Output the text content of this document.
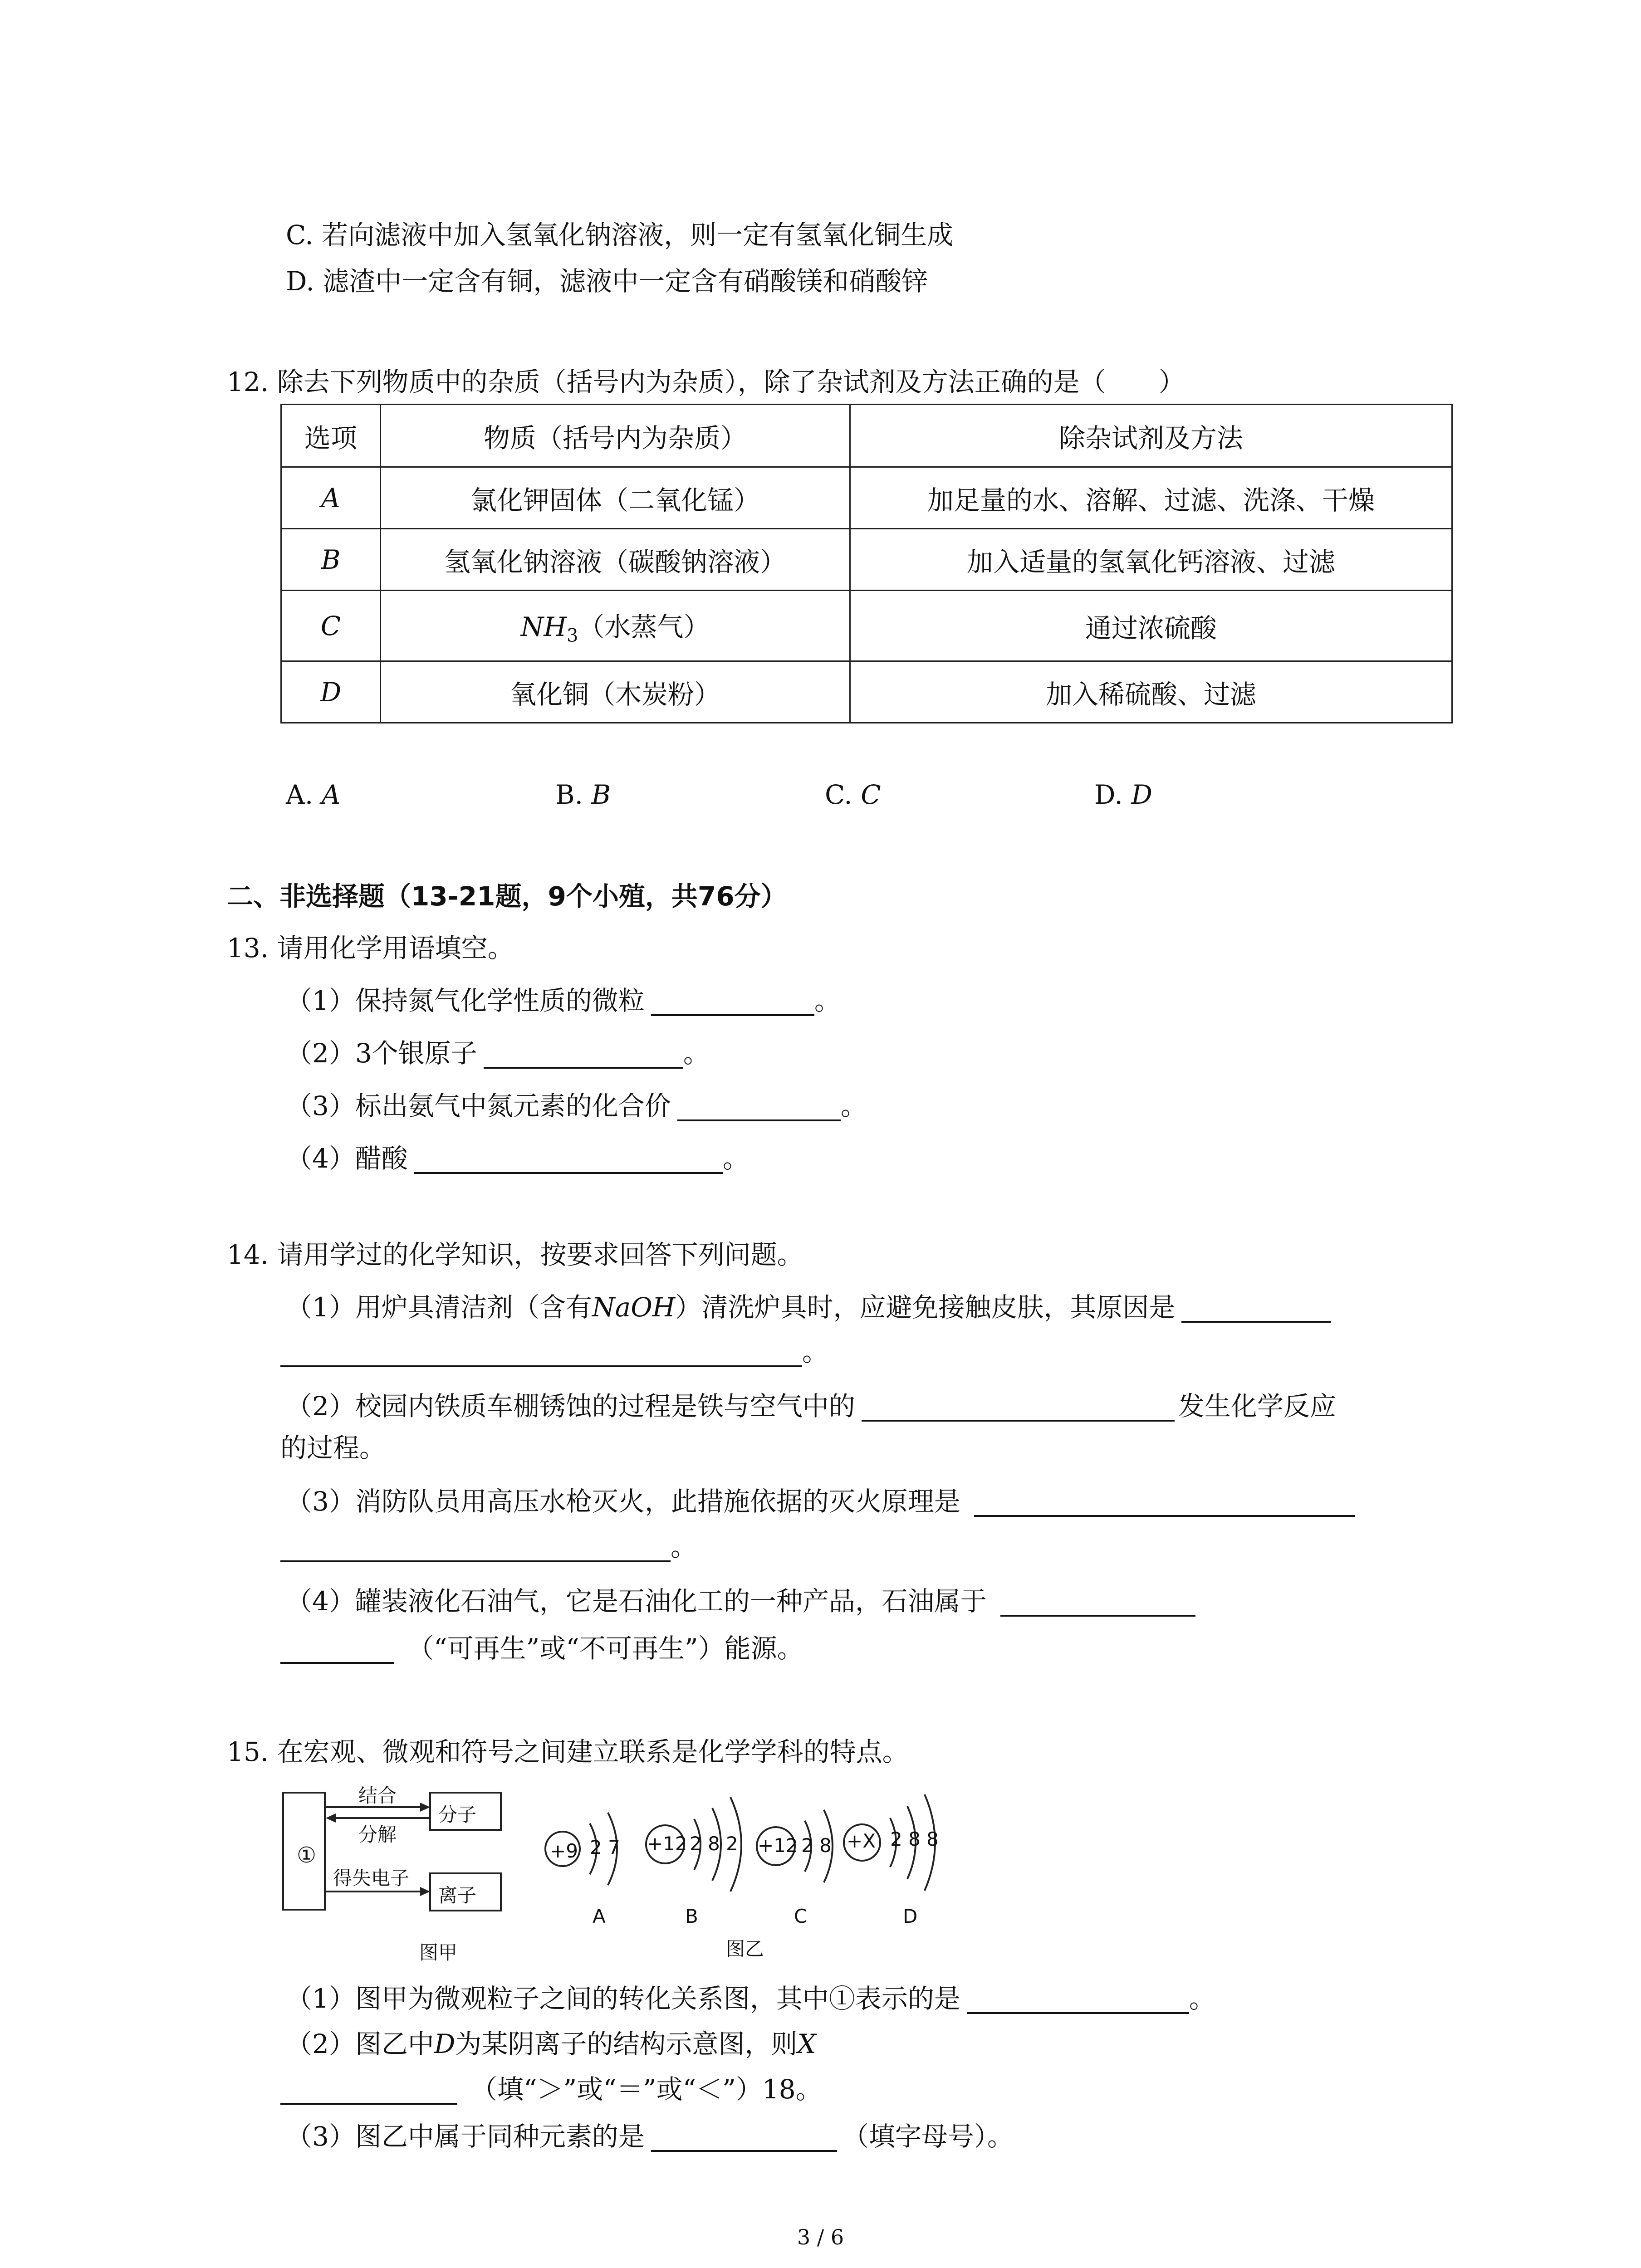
C. 若向滤液中加入氢氧化钠溶液，则一定有氢氧化铜生成
D. 滤渣中一定含有铜，滤液中一定含有硝酸镁和硝酸锌
12. 除去下列物质中的杂质（括号内为杂质），除了杂试剂及方法正确的是（　　）
选项	物质（括号内为杂质）	除杂试剂及方法
A	氯化钾固体（二氧化锰）	加足量的水、溶解、过滤、洗涤、干燥
B	氢氧化钠溶液（碳酸钠溶液）	加入适量的氢氧化钙溶液、过滤
C	$NH_3$（水蒸气）	通过浓硫酸
D	氧化铜（木炭粉）	加入稀硫酸、过滤
A. A	B. B	C. C	D. D
二、非选择题（13-21题，9个小殖，共76分）
13. 请用化学用语填空。
（1）保持氮气化学性质的微粒	。
（2）3个银原子	。
（3）标出氨气中氮元素的化合价	。
（4）醋酸	。
14. 请用学过的化学知识，按要求回答下列问题。
（1）用炉具清洁剂（含有NaOH）清洗炉具时，应避免接触皮肤，其原因是
。
（2）校园内铁质车棚锈蚀的过程是铁与空气中的	发生化学反应
的过程。
（3）消防队员用高压水枪灭火，此措施依据的灭火原理是
。
（4）罐装液化石油气，它是石油化工的一种产品，石油属于
（“可再生”或“不可再生”）能源。
15. 在宏观、微观和符号之间建立联系是化学学科的特点。
①
结合
分解
得失电子
分子
离子
图甲
+9 2 7 +12 2 8 2 +12 2 8 +X 2 8 8
A	B	C	D
图乙
（1）图甲为微观粒子之间的转化关系图，其中①表示的是	。
（2）图乙中D为某阴离子的结构示意图，则X
（填“＞”或“＝”或“＜”）18。
（3）图乙中属于同种元素的是	（填字母号）。
3 / 6
